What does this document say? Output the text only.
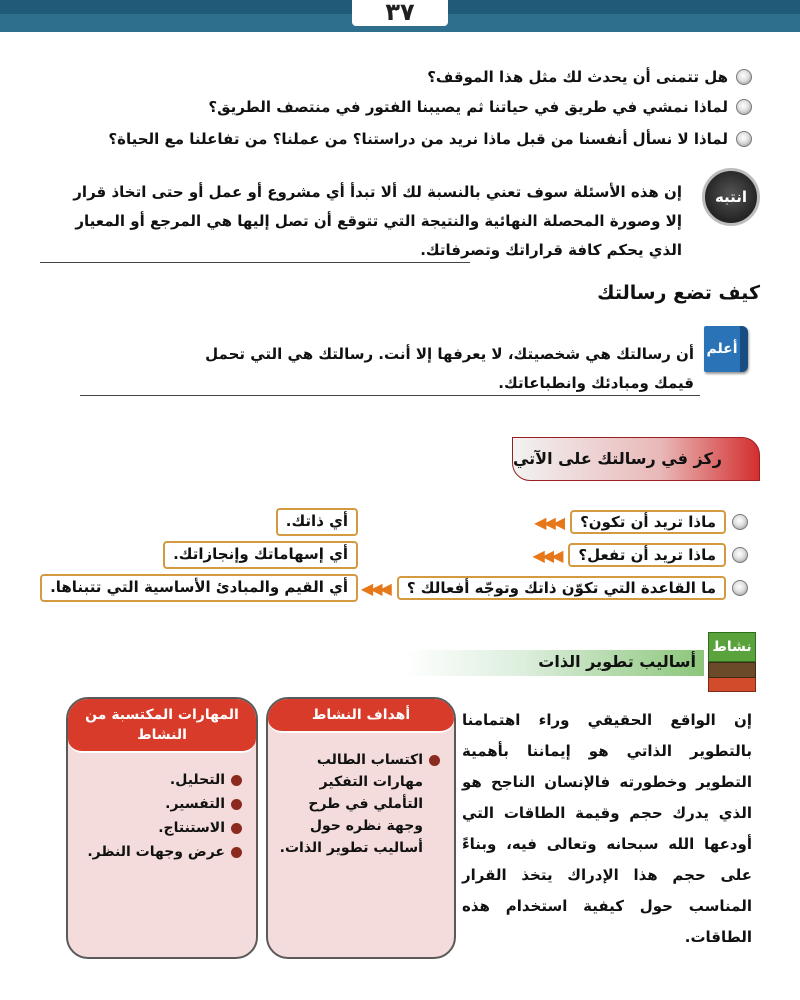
٣٧
هل تتمنى أن يحدث لك مثل هذا الموقف؟
لماذا نمشي في طريق في حياتنا ثم يصيبنا الفتور في منتصف الطريق؟
لماذا لا نسأل أنفسنا من قبل ماذا نريد من دراستنا؟ من عملنا؟ من تفاعلنا مع الحياة؟
انتبه
إن هذه الأسئلة سوف تعني بالنسبة لك ألا تبدأ أي مشروع أو عمل أو حتى اتخاذ قرار
إلا وصورة المحصلة النهائية والنتيجة التي تتوقع أن تصل إليها هي المرجع أو المعيار
الذي يحكم كافة قراراتك وتصرفاتك.
كيف تضع رسالتك
أعلم
أن رسالتك هي شخصيتك، لا يعرفها إلا أنت. رسالتك هي التي تحمل
قيمك ومبادئك وانطباعاتك.
ركز في رسالتك على الآتي
ماذا تريد أن تكون؟
◀◀◀
أي ذاتك.
ماذا تريد أن تفعل؟
◀◀◀
أي إسهاماتك وإنجازاتك.
ما القاعدة التي تكوّن ذاتك وتوجّه أفعالك ؟
◀◀◀
أي القيم والمبادئ الأساسية التي تتبناها.
نشاط
أساليب تطوير الذات
إن الواقع الحقيقي وراء اهتمامنا بالتطوير الذاتي هو إيماننا بأهمية التطوير وخطورته فالإنسان الناجح هو الذي يدرك حجم وقيمة الطاقات التي أودعها الله سبحانه وتعالى فيه، وبناءً على حجم هذا الإدراك يتخذ القرار المناسب حول كيفية استخدام هذه الطاقات.
أهداف النشاط
اكتساب الطالب مهارات التفكير التأملي في طرح وجهة نظره حول أساليب تطوير الذات.
المهارات المكتسبة من النشاط
التحليل.
التفسير.
الاستنتاج.
عرض وجهات النظر.
